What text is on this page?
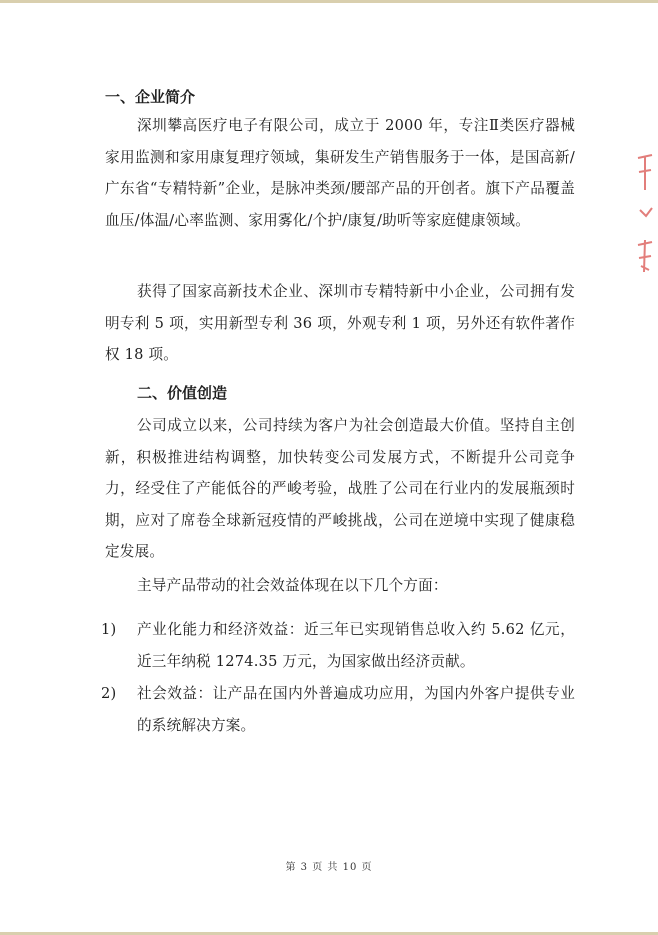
一、企业简介

深圳攀高医疗电子有限公司，成立于 2000 年，专注Ⅱ类医疗器械家用监测和家用康复理疗领域，集研发生产销售服务于一体，是国高新/广东省“专精特新”企业，是脉冲类颈/腰部产品的开创者。旗下产品覆盖血压/体温/心率监测、家用雾化/个护/康复/助听等家庭健康领域。

获得了国家高新技术企业、深圳市专精特新中小企业，公司拥有发明专利 5 项，实用新型专利 36 项，外观专利 1 项，另外还有软件著作权 18 项。

二、价值创造

公司成立以来，公司持续为客户为社会创造最大价值。坚持自主创新，积极推进结构调整，加快转变公司发展方式，不断提升公司竞争力，经受住了产能低谷的严峻考验，战胜了公司在行业内的发展瓶颈时期，应对了席卷全球新冠疫情的严峻挑战，公司在逆境中实现了健康稳定发展。

主导产品带动的社会效益体现在以下几个方面：

1)	产业化能力和经济效益：近三年已实现销售总收入约 5.62 亿元，近三年纳税 1274.35 万元，为国家做出经济贡献。
2)	社会效益：让产品在国内外普遍成功应用，为国内外客户提供专业的系统解决方案。
第 3 页 共 10 页
